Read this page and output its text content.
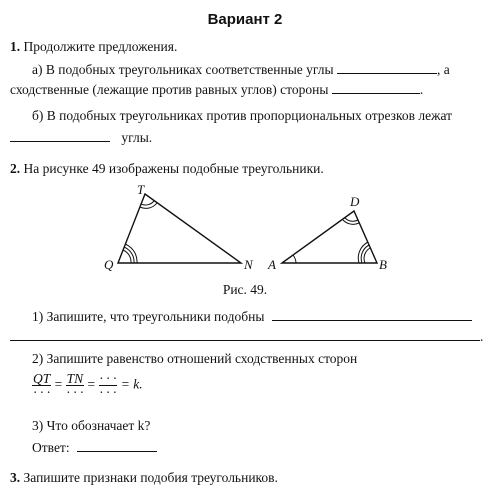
Вариант 2
1. Продолжите предложения.
а) В подобных треугольниках соответственные углы	, а
сходственные (лежащие против равных углов) стороны	.
б) В подобных треугольниках против пропорциональных отрезков лежат
углы.
2. На рисунке 49 изображены подобные треугольники.
T
Q	N
D
A	B
Рис. 49.
1) Запишите, что треугольники подобны
.
2) Запишите равенство отношений сходственных сторон
$\frac{QT}{\cdot \cdot \cdot} = \frac{TN}{\cdot \cdot \cdot} = \frac{\cdot \cdot \cdot}{\cdot \cdot \cdot} = k$.
3) Что обозначает k?
Ответ:
3. Запишите признаки подобия треугольников.
